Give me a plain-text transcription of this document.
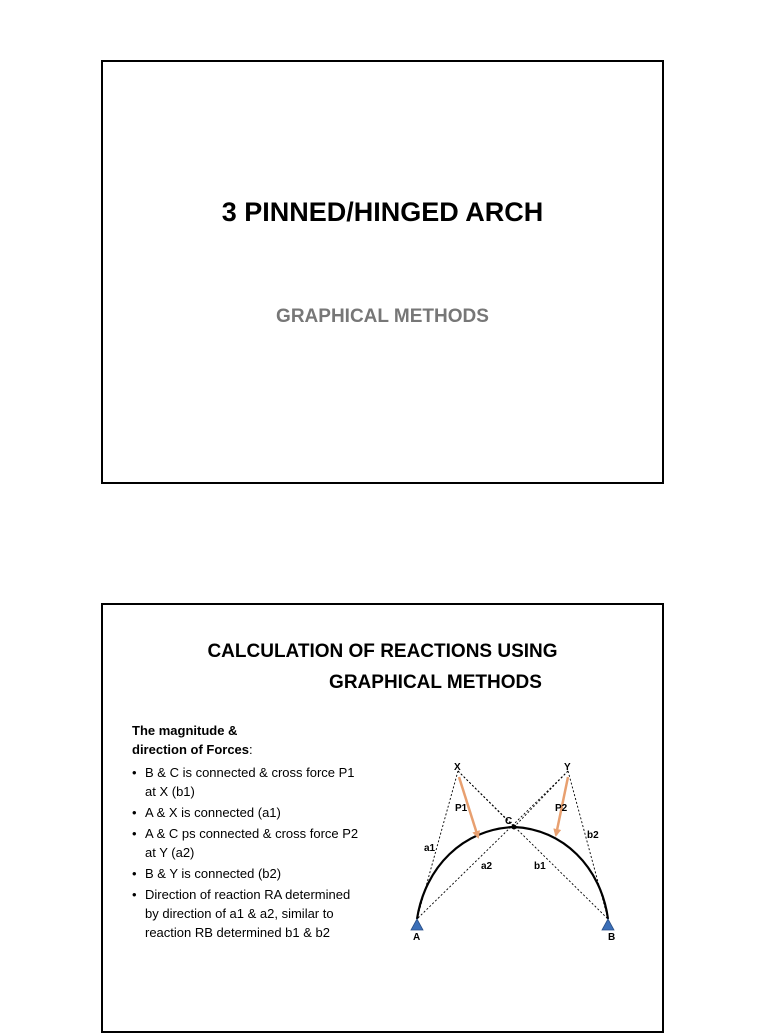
3 PINNED/HINGED ARCH
GRAPHICAL METHODS
CALCULATION OF REACTIONS USING
GRAPHICAL METHODS
The magnitude &
direction of Forces:
• B & C is connected & cross force P1 at X (b1)
• A & X is connected (a1)
• A & C ps connected & cross force P2 at Y (a2)
• B & Y is connected (b2)
• Direction of reaction RA determined by direction of a1 & a2, similar to reaction RB determined b1 & b2
X	Y
C
A	B
P1	P2
a1
a2	b1
b2
